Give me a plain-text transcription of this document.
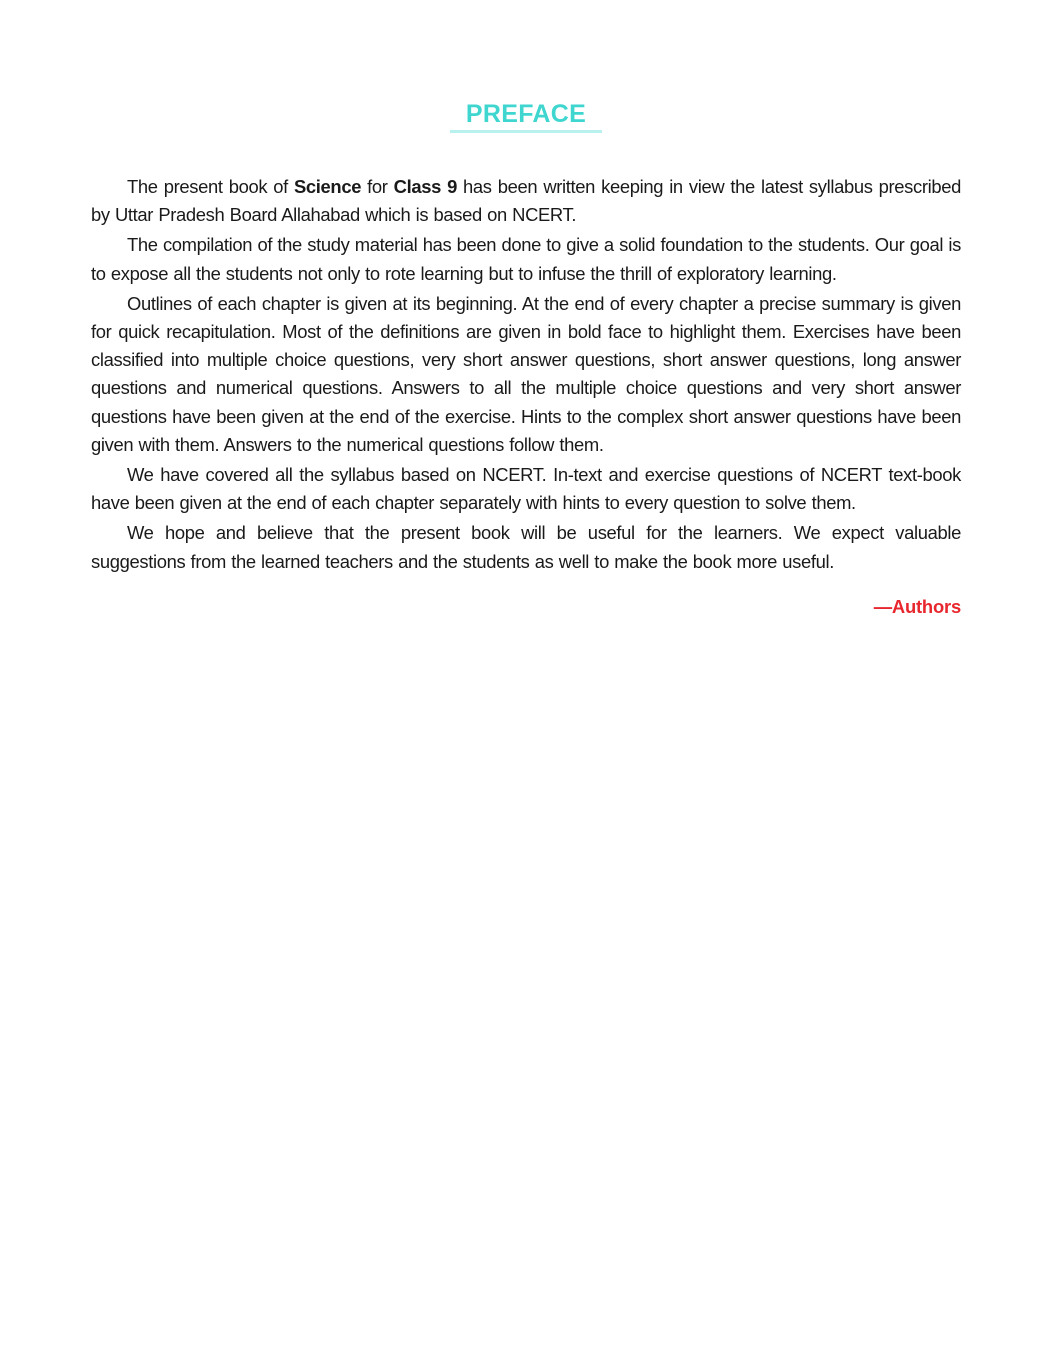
PREFACE

The present book of Science for Class 9 has been written keeping in view the latest syllabus prescribed by Uttar Pradesh Board Allahabad which is based on NCERT.

The compilation of the study material has been done to give a solid foundation to the students. Our goal is to expose all the students not only to rote learning but to infuse the thrill of exploratory learning.

Outlines of each chapter is given at its beginning. At the end of every chapter a precise summary is given for quick recapitulation. Most of the definitions are given in bold face to highlight them. Exercises have been classified into multiple choice questions, very short answer questions, short answer questions, long answer questions and numerical questions. Answers to all the multiple choice questions and very short answer questions have been given at the end of the exercise. Hints to the complex short answer questions have been given with them. Answers to the numerical questions follow them.

We have covered all the syllabus based on NCERT. In-text and exercise questions of NCERT text-book have been given at the end of each chapter separately with hints to every question to solve them.

We hope and believe that the present book will be useful for the learners. We expect valuable suggestions from the learned teachers and the students as well to make the book more useful.

—Authors
